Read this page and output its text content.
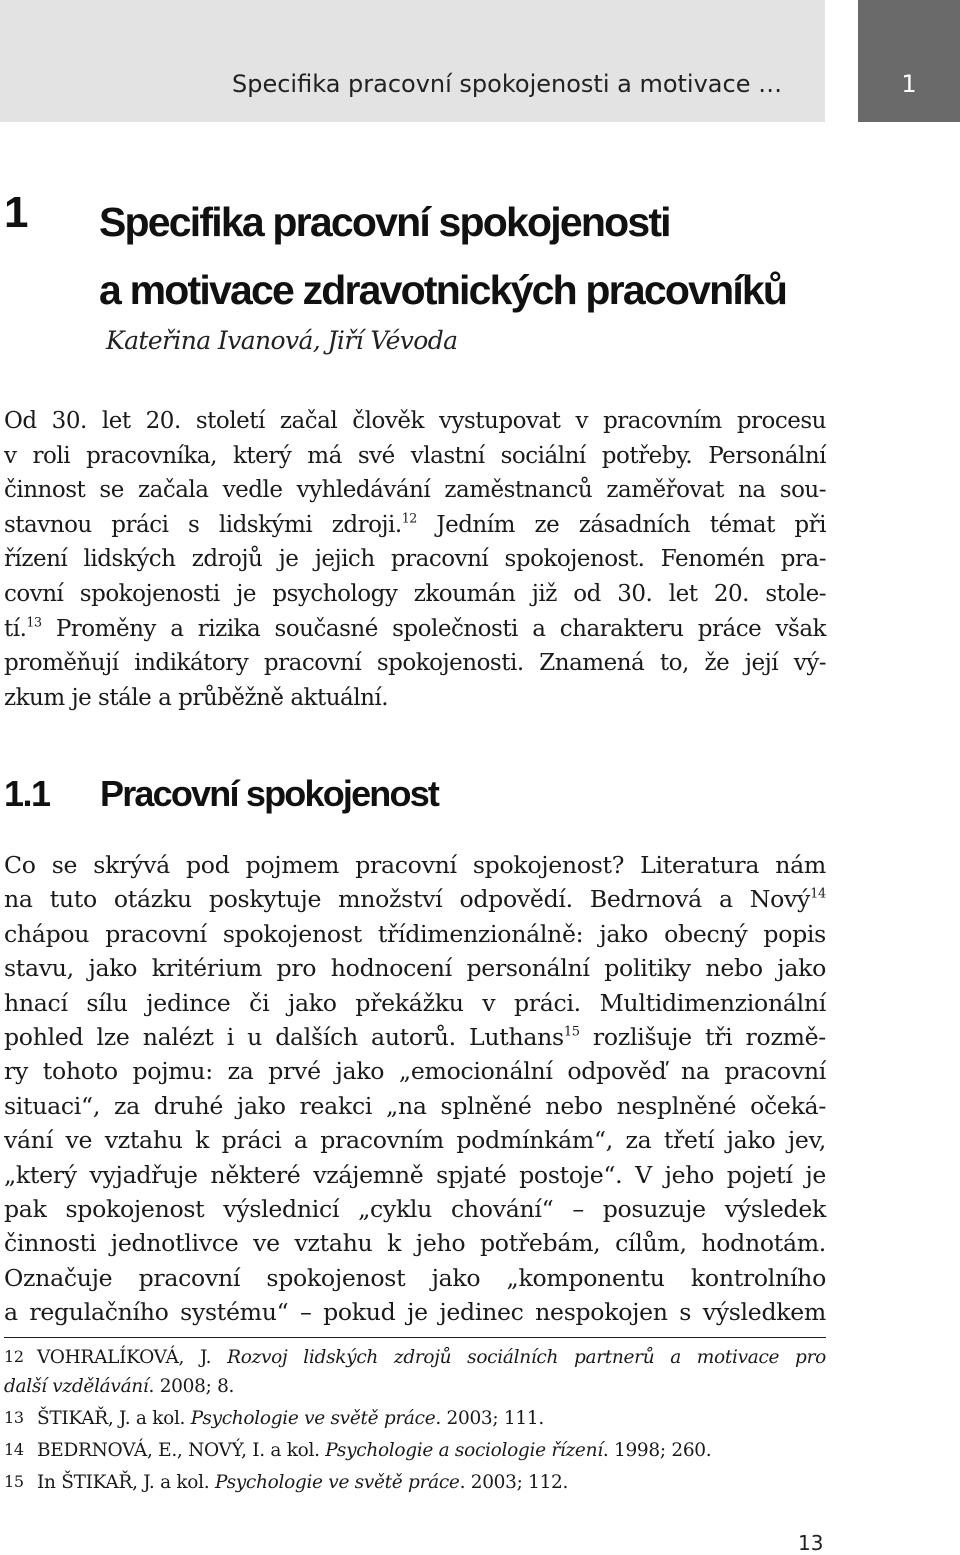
Specifika pracovní spokojenosti a motivace …	1
1 Specifika pracovní spokojenosti
a motivace zdravotnických pracovníků
Kateřina Ivanová, Jiří Vévoda
Od 30. let 20. století začal člověk vystupovat v pracovním procesu
v roli pracovníka, který má své vlastní sociální potřeby. Personální
činnost se začala vedle vyhledávání zaměstnanců zaměřovat na sou-
stavnou práci s lidskými zdroji.$^{12}$ Jedním ze zásadních témat při
řízení lidských zdrojů je jejich pracovní spokojenost. Fenomén pra-
covní spokojenosti je psychology zkoumán již od 30. let 20. stole-
tí.$^{13}$ Proměny a rizika současné společnosti a charakteru práce však
proměňují indikátory pracovní spokojenosti. Znamená to, že její vý-
zkum je stále a průběžně aktuální.
1.1 Pracovní spokojenost
Co se skrývá pod pojmem pracovní spokojenost? Literatura nám
na tuto otázku poskytuje množství odpovědí. Bedrnová a Nový$^{14}$
chápou pracovní spokojenost třídimenzionálně: jako obecný popis
stavu, jako kritérium pro hodnocení personální politiky nebo jako
hnací sílu jedince či jako překážku v práci. Multidimenzionální
pohled lze nalézt i u dalších autorů. Luthans$^{15}$ rozlišuje tři rozmě-
ry tohoto pojmu: za prvé jako „emocionální odpověď na pracovní
situaci“, za druhé jako reakci „na splněné nebo nesplněné očeká-
vání ve vztahu k práci a pracovním podmínkám“, za třetí jako jev,
„který vyjadřuje některé vzájemně spjaté postoje“. V jeho pojetí je
pak spokojenost výslednicí „cyklu chování“ – posuzuje výsledek
činnosti jednotlivce ve vztahu k jeho potřebám, cílům, hodnotám.
Označuje pracovní spokojenost jako „komponentu kontrolního
a regulačního systému“ – pokud je jedinec nespokojen s výsledkem
12 VOHRALÍKOVÁ, J. Rozvoj lidských zdrojů sociálních partnerů a motivace pro
další vzdělávání. 2008; 8.
13 ŠTIKAŘ, J. a kol. Psychologie ve světě práce. 2003; 111.
14 BEDRNOVÁ, E., NOVÝ, I. a kol. Psychologie a sociologie řízení. 1998; 260.
15 In ŠTIKAŘ, J. a kol. Psychologie ve světě práce. 2003; 112.
13
